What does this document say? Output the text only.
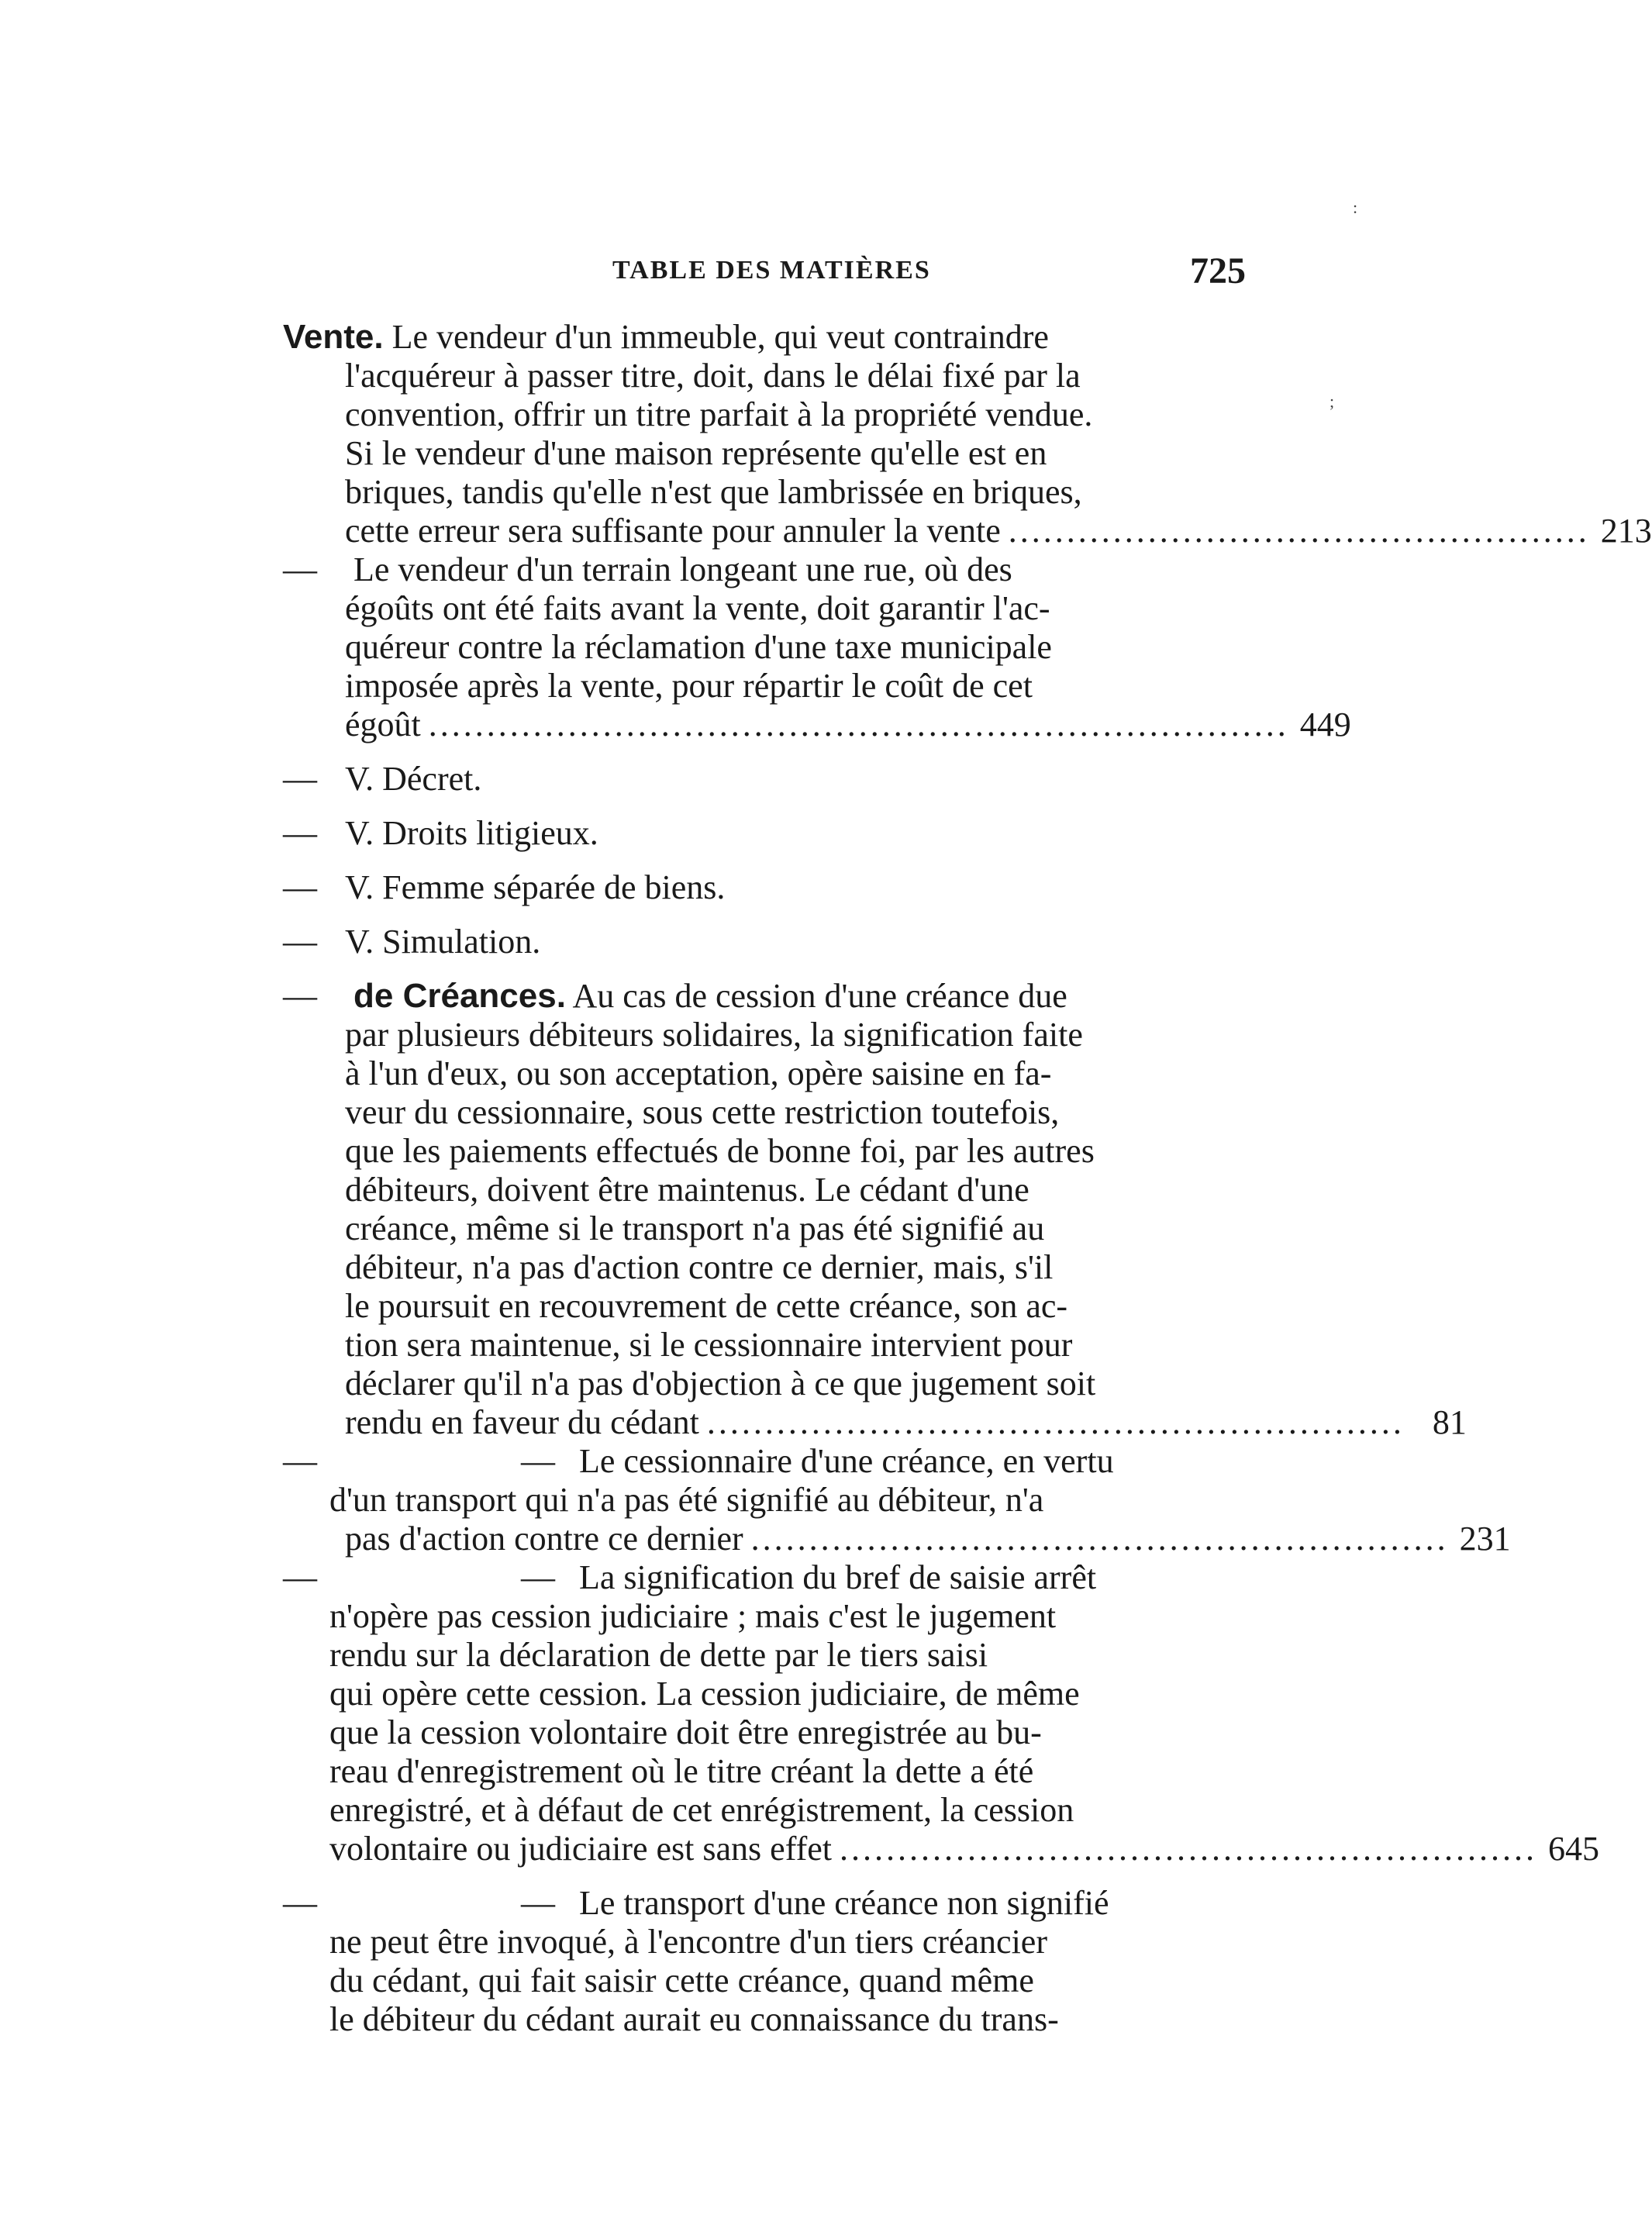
TABLE DES MATIÈRES	725
:
;
Vente. Le vendeur d'un immeuble, qui veut contraindre
l'acquéreur à passer titre, doit, dans le délai fixé par la
convention, offrir un titre parfait à la propriété vendue.
Si le vendeur d'une maison représente qu'elle est en
briques, tandis qu'elle n'est que lambrissée en briques,
cette erreur sera suffisante pour annuler la vente .................................................. 213
— Le vendeur d'un terrain longeant une rue, où des
égoûts ont été faits avant la vente, doit garantir l'ac-
quéreur contre la réclamation d'une taxe municipale
imposée après la vente, pour répartir le coût de cet
égoût .......................................................................... 449
— V. Décret.
— V. Droits litigieux.
— V. Femme séparée de biens.
— V. Simulation.
— de Créances. Au cas de cession d'une créance due
par plusieurs débiteurs solidaires, la signification faite
à l'un d'eux, ou son acceptation, opère saisine en fa-
veur du cessionnaire, sous cette restriction toutefois,
que les paiements effectués de bonne foi, par les autres
débiteurs, doivent être maintenus. Le cédant d'une
créance, même si le transport n'a pas été signifié au
débiteur, n'a pas d'action contre ce dernier, mais, s'il
le poursuit en recouvrement de cette créance, son ac-
tion sera maintenue, si le cessionnaire intervient pour
déclarer qu'il n'a pas d'objection à ce que jugement soit
rendu en faveur du cédant ............................................................ 81
—	— Le cessionnaire d'une créance, en vertu
d'un transport qui n'a pas été signifié au débiteur, n'a
pas d'action contre ce dernier ............................................................ 231
—	— La signification du bref de saisie arrêt
n'opère pas cession judiciaire ; mais c'est le jugement
rendu sur la déclaration de dette par le tiers saisi
qui opère cette cession. La cession judiciaire, de même
que la cession volontaire doit être enregistrée au bu-
reau d'enregistrement où le titre créant la dette a été
enregistré, et à défaut de cet enrégistrement, la cession
volontaire ou judiciaire est sans effet ............................................................ 645
—	— Le transport d'une créance non signifié
ne peut être invoqué, à l'encontre d'un tiers créancier
du cédant, qui fait saisir cette créance, quand même
le débiteur du cédant aurait eu connaissance du trans-
